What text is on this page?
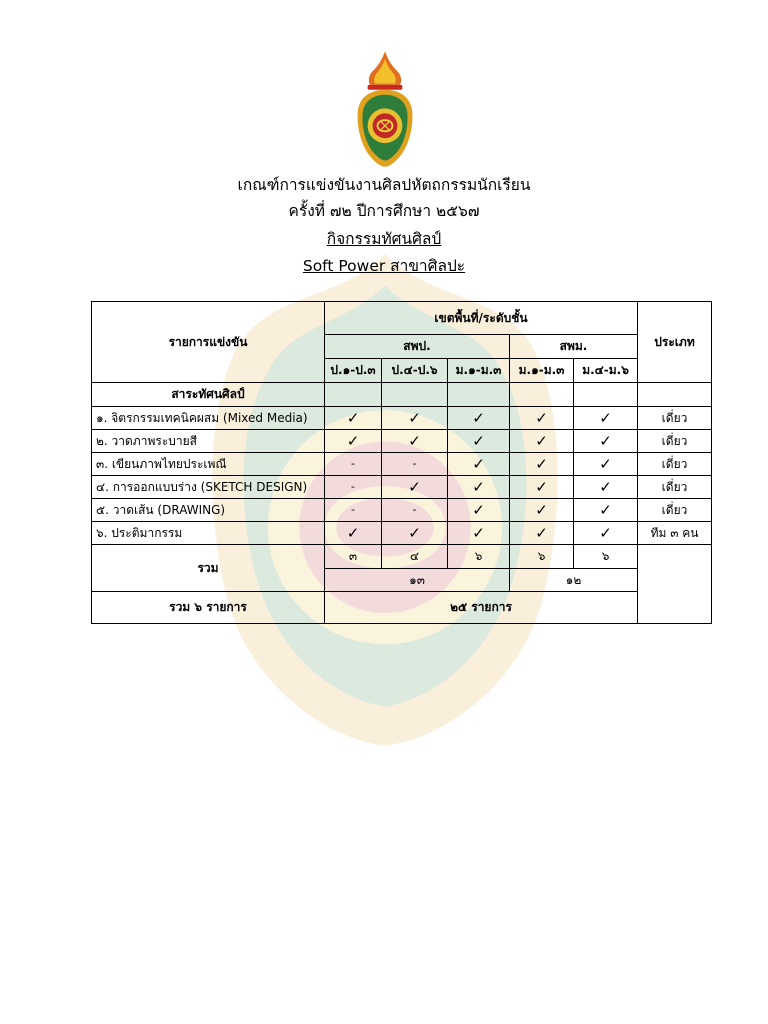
เกณฑ์การแข่งขันงานศิลปหัตถกรรมนักเรียน
ครั้งที่ ๗๒ ปีการศึกษา ๒๕๖๗
กิจกรรมทัศนศิลป์
Soft Power สาขาศิลปะ
รายการแข่งขัน	เขตพื้นที่/ระดับชั้น					ประเภท
	สพป.			สพม.		
	ป.๑-ป.๓	ป.๔-ป.๖	ม.๑-ม.๓	ม.๑-ม.๓	ม.๔-ม.๖	
สาระทัศนศิลป์						
๑. จิตรกรรมเทคนิคผสม (Mixed Media)	✓	✓	✓	✓	✓	เดี่ยว
๒. วาดภาพระบายสี	✓	✓	✓	✓	✓	เดี่ยว
๓. เขียนภาพไทยประเพณี	-	-	✓	✓	✓	เดี่ยว
๔. การออกแบบร่าง (SKETCH DESIGN)	-	✓	✓	✓	✓	เดี่ยว
๕. วาดเส้น (DRAWING)	-	-	✓	✓	✓	เดี่ยว
๖. ประติมากรรม	✓	✓	✓	✓	✓	ทีม ๓ คน
รวม	๓	๔	๖	๖	๖	
	๑๓			๑๒		
รวม ๖ รายการ	๒๕ รายการ					
